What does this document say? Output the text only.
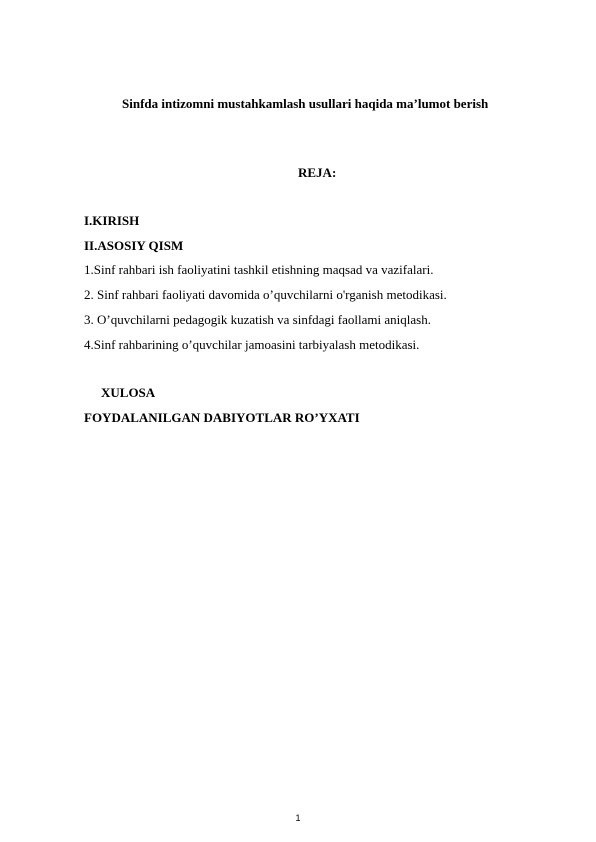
Sinfda intizomni mustahkamlash usullari haqida ma’lumot berish
REJA:
I.KIRISH
II.ASOSIY QISM
1.Sinf rahbari ish faoliyatini tashkil etishning maqsad va vazifalari.
2. Sinf rahbari faoliyati davomida o’quvchilarni o'rganish metodikasi.
3. O’quvchilarni pedagogik kuzatish va sinfdagi faollami aniqlash.
4.Sinf rahbarining o’quvchilar jamoasini tarbiyalash metodikasi.
XULOSA
FOYDALANILGAN DABIYOTLAR RO’YXATI
1
